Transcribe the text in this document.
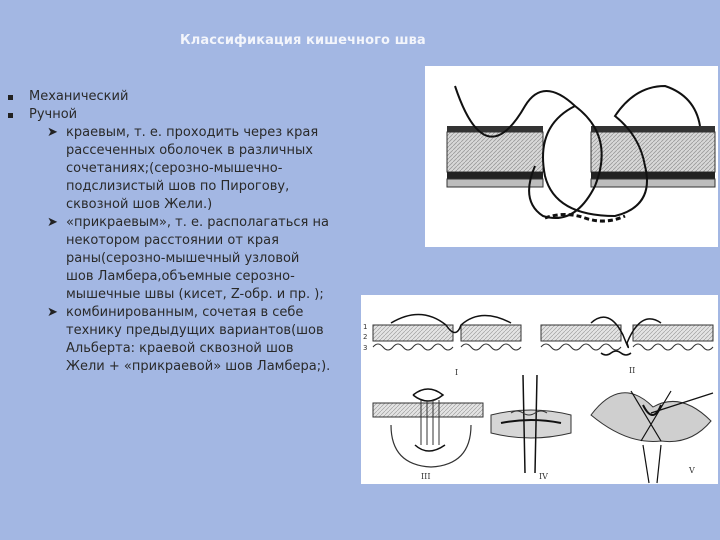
Классификация кишечного шва
Механический
Ручной
➤ краевым, т. е. проходить через края
рассеченных оболочек в различных
сочетаниях;(серозно-мышечно-
подслизистый шов по Пирогову,
сквозной шов Жели.)
➤ «прикраевым», т. е. располагаться на
некотором расстоянии от края
раны(серозно-мышечный узловой
шов Ламбера,объемные серозно-
мышечные швы (кисет, Z-обр. и пр. );
➤ комбинированным, сочетая в себе
технику предыдущих вариантов(шов
Альберта: краевой сквозной шов
Жели + «прикраевой» шов Ламбера;).
1
2
3
I	II
III	IV
V
